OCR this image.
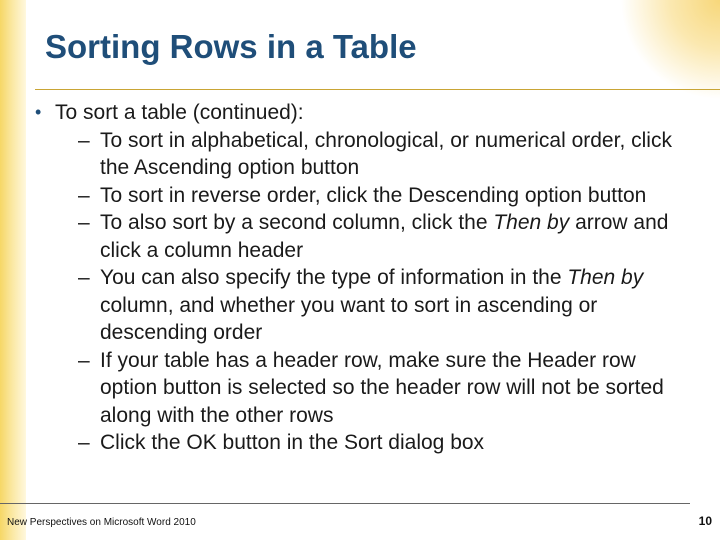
Sorting Rows in a Table
• To sort a table (continued):
– To sort in alphabetical, chronological, or numerical order, click the Ascending option button
– To sort in reverse order, click the Descending option button
– To also sort by a second column, click the Then by arrow and click a column header
– You can also specify the type of information in the Then by column, and whether you want to sort in ascending or descending order
– If your table has a header row, make sure the Header row option button is selected so the header row will not be sorted along with the other rows
– Click the OK button in the Sort dialog box
New Perspectives on Microsoft Word 2010	10
